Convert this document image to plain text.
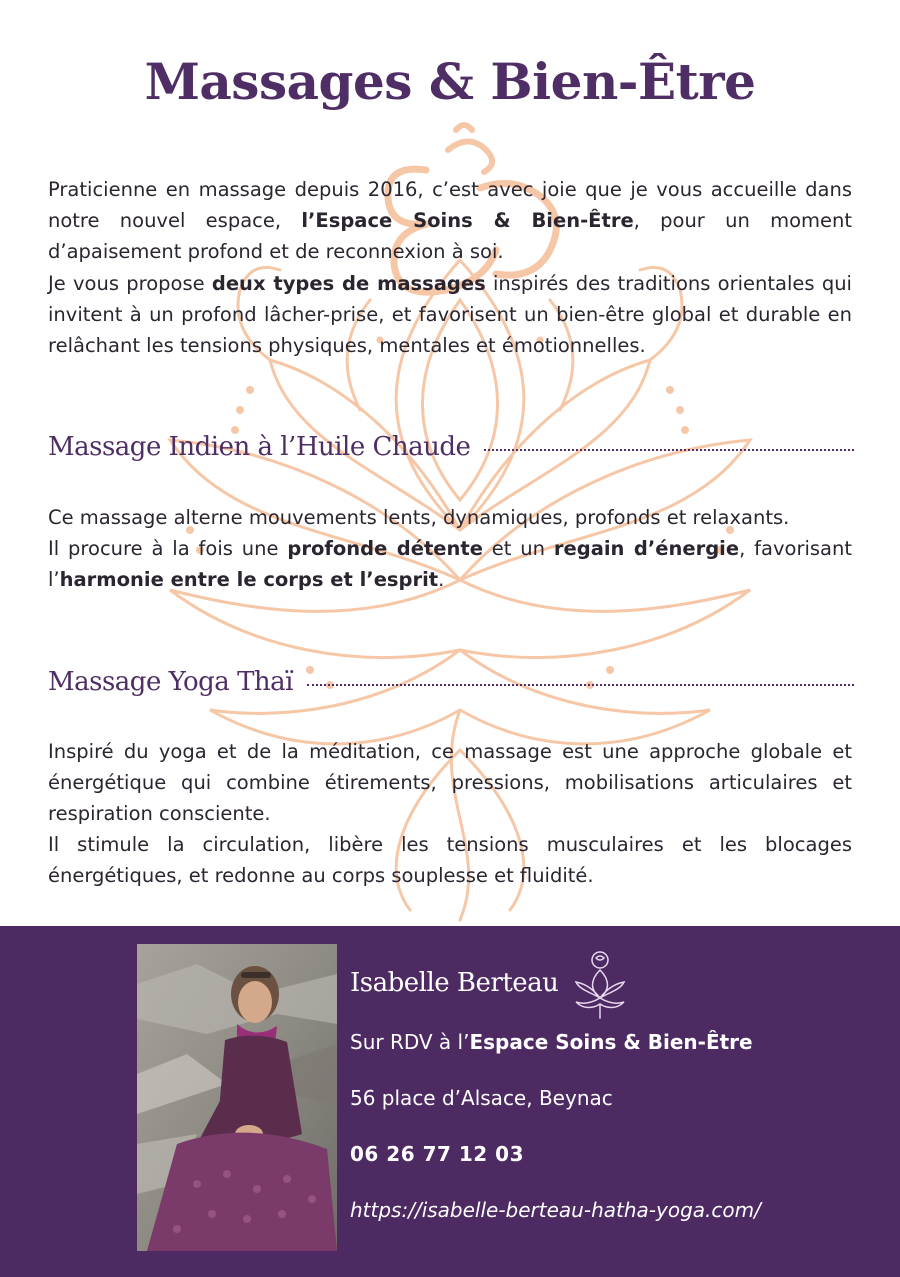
Massages & Bien-Être

Praticienne en massage depuis 2016, c’est avec joie que je vous accueille dans notre nouvel espace, l’Espace Soins & Bien-Être, pour un moment d’apaisement profond et de reconnexion à soi.

Je vous propose deux types de massages inspirés des traditions orientales qui invitent à un profond lâcher-prise, et favorisent un bien-être global et durable en relâchant les tensions physiques, mentales et émotionnelles.

Massage Indien à l’Huile Chaude

Ce massage alterne mouvements lents, dynamiques, profonds et relaxants.

Il procure à la fois une profonde détente et un regain d’énergie, favorisant l’harmonie entre le corps et l’esprit.

Massage Yoga Thaï

Inspiré du yoga et de la méditation, ce massage est une approche globale et énergétique qui combine étirements, pressions, mobilisations articulaires et respiration consciente.

Il stimule la circulation, libère les tensions musculaires et les blocages énergétiques, et redonne au corps souplesse et fluidité.

Isabelle Berteau

Sur RDV à l’Espace Soins & Bien-Être

56 place d’Alsace, Beynac

06 26 77 12 03

https://isabelle-berteau-hatha-yoga.com/
